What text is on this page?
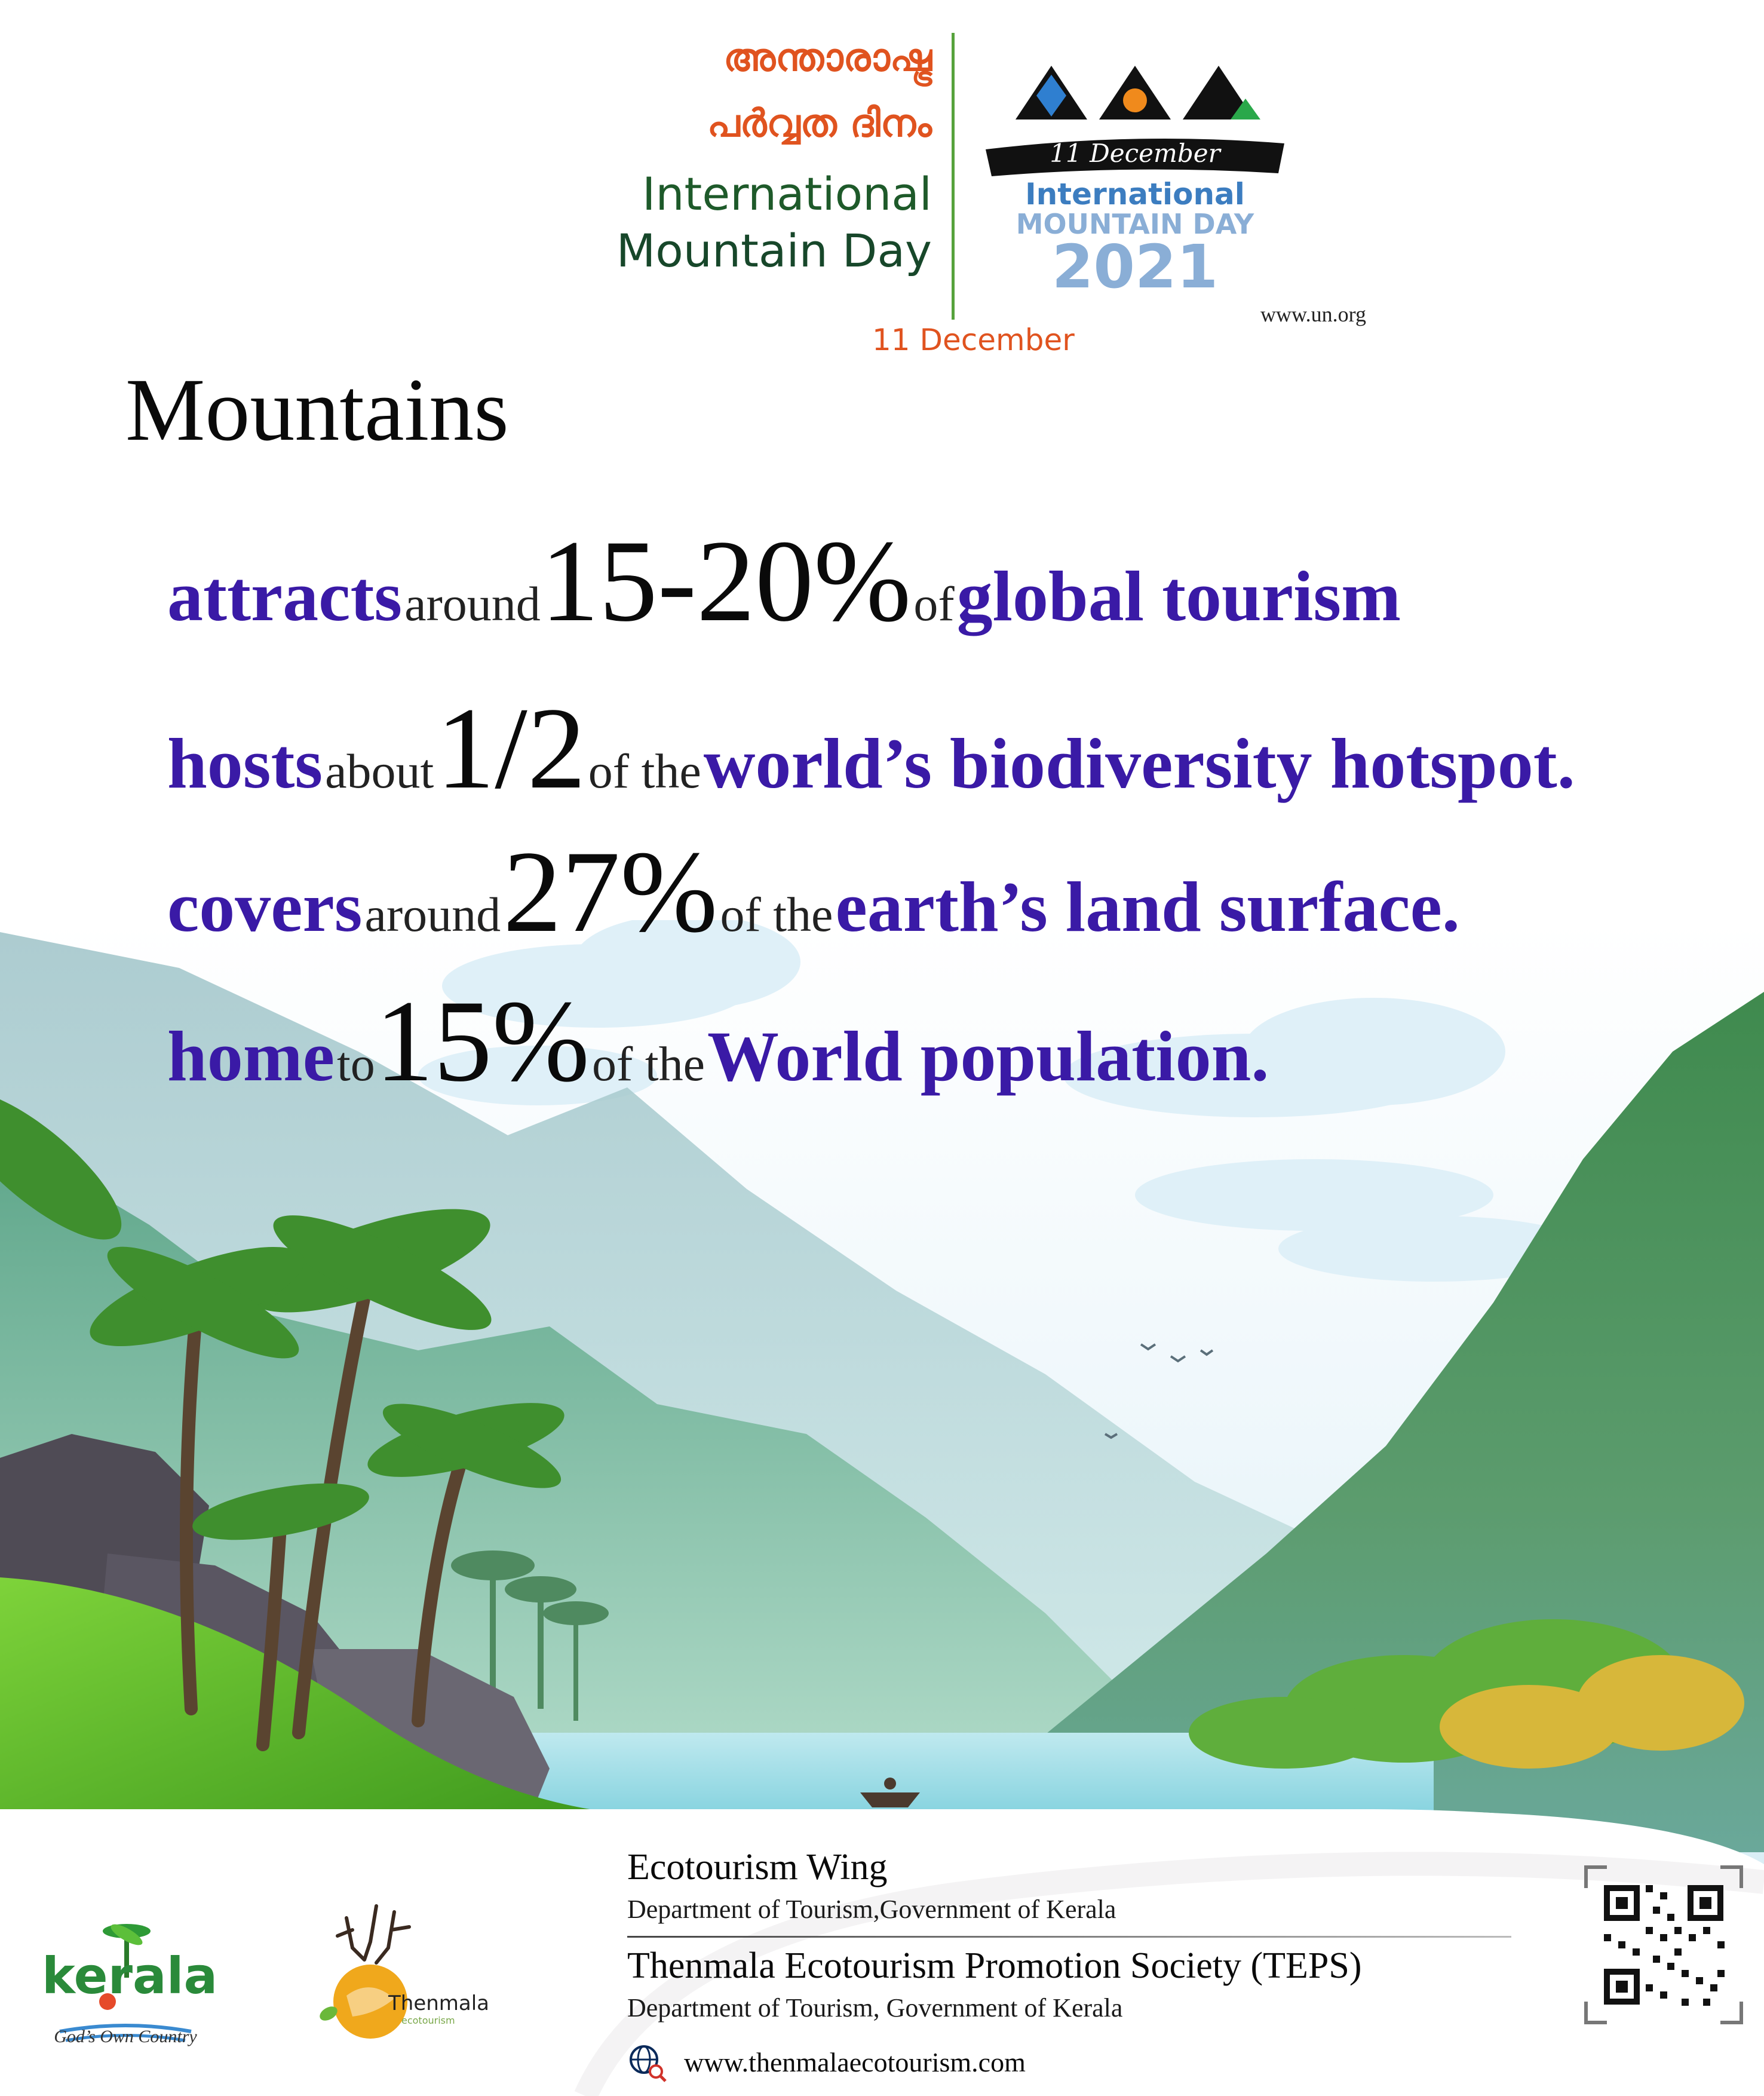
അന്താരാഷ്ട്ര
പർവ്വത ദിനം
International
Mountain Day
11 December
11 December
International
MOUNTAIN DAY
2021
www.un.org
Mountains
attracts around15-20% of global tourism
hosts about 1/2 of the world’s biodiversity hotspot.
covers around 27% of the earth’s land surface.
home to15% of the World population.
kerala
God’s Own Country
Thenmala
ecotourism
Ecotourism Wing
Department of Tourism,Government of Kerala
Thenmala Ecotourism Promotion Society (TEPS)
Department of Tourism, Government of Kerala
www.thenmalaecotourism.com
